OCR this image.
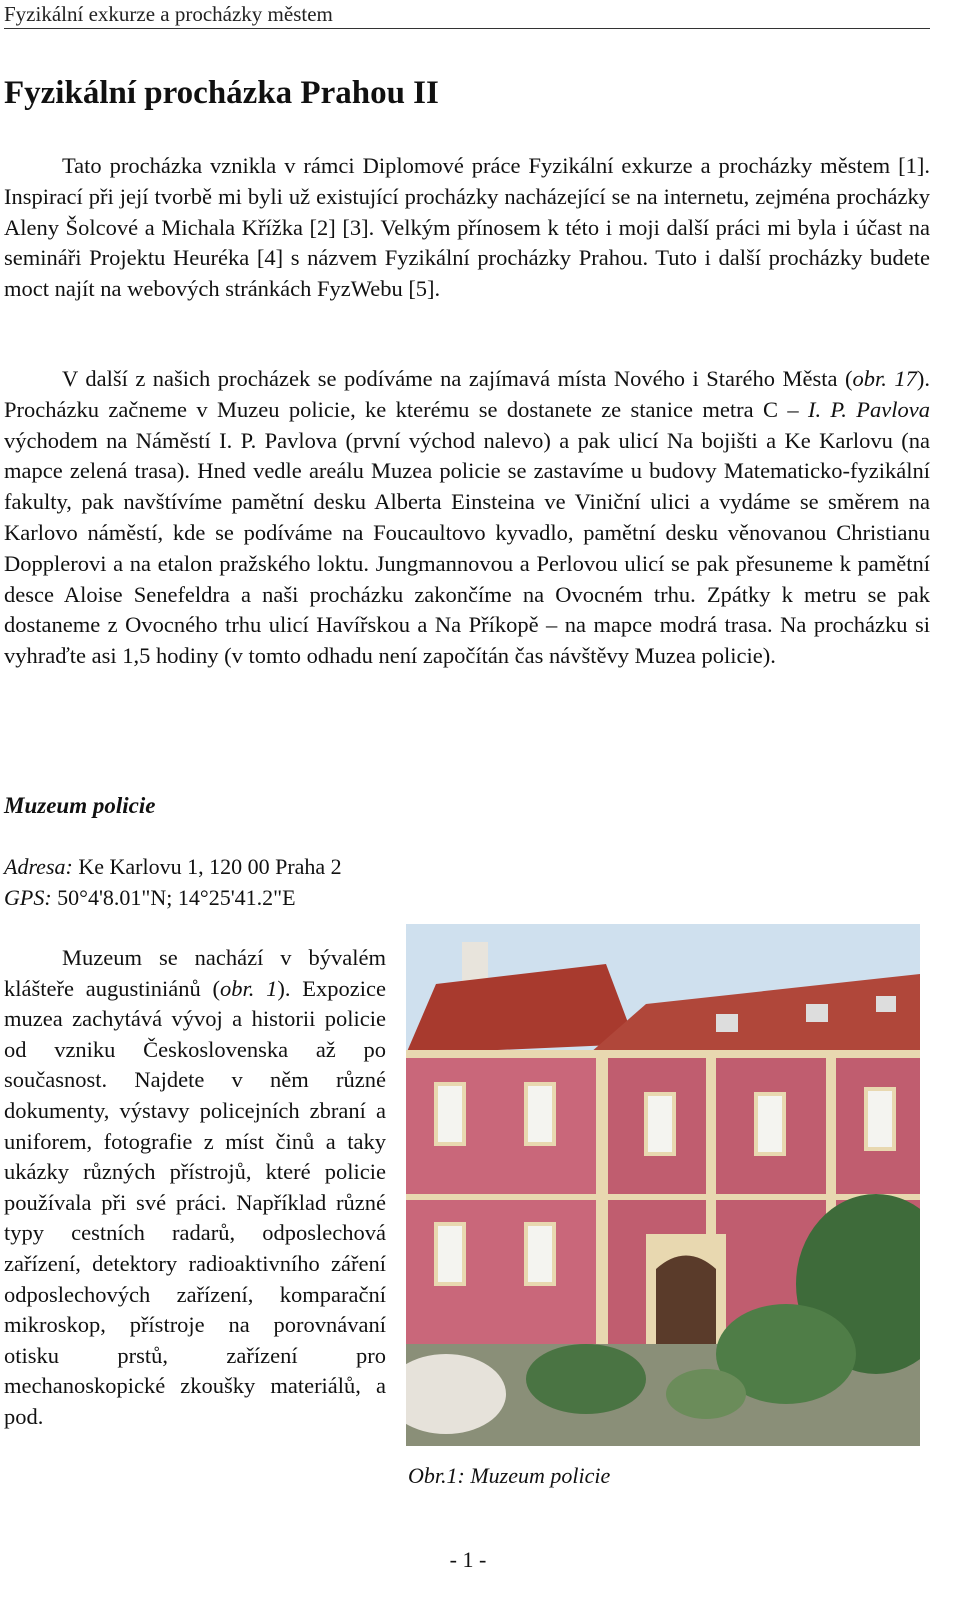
Fyzikální exkurze a procházky městem
Fyzikální procházka Prahou II

Tato procházka vznikla v rámci Diplomové práce Fyzikální exkurze a procházky městem [1]. Inspirací při její tvorbě mi byli už existující procházky nacházející se na internetu, zejména procházky Aleny Šolcové a Michala Křížka [2] [3]. Velkým přínosem k této i moji další práci mi byla i účast na semináři Projektu Heuréka [4] s názvem Fyzikální procházky Prahou. Tuto i další procházky budete moct najít na webových stránkách FyzWebu [5].

V další z našich procházek se podíváme na zajímavá místa Nového i Starého Města (obr. 17). Procházku začneme v Muzeu policie, ke kterému se dostanete ze stanice metra C – I. P. Pavlova východem na Náměstí I. P. Pavlova (první východ nalevo) a pak ulicí Na bojišti a Ke Karlovu (na mapce zelená trasa). Hned vedle areálu Muzea policie se zastavíme u budovy Matematicko-fyzikální fakulty, pak navštívíme pamětní desku Alberta Einsteina ve Viniční ulici a vydáme se směrem na Karlovo náměstí, kde se podíváme na Foucaultovo kyvadlo, pamětní desku věnovanou Christianu Dopplerovi a na etalon pražského loktu. Jungmannovou a Perlovou ulicí se pak přesuneme k pamětní desce Aloise Senefeldra a naši procházku zakončíme na Ovocném trhu. Zpátky k metru se pak dostaneme z Ovocného trhu ulicí Havířskou a Na Příkopě – na mapce modrá trasa. Na procházku si vyhraďte asi 1,5 hodiny (v tomto odhadu není započítán čas návštěvy Muzea policie).

Muzeum policie
Adresa: Ke Karlovu 1, 120 00 Praha 2
GPS: 50°4'8.01"N; 14°25'41.2"E

Muzeum se nachází v bývalém klášteře augustiniánů (obr. 1). Expozice muzea zachytává vývoj a historii policie od vzniku Československa až po současnost. Najdete v něm různé dokumenty, výstavy policejních zbraní a uniforem, fotografie z míst činů a taky ukázky různých přístrojů, které policie používala při své práci. Například různé typy cestních radarů, odposlechová zařízení, detektory radioaktivního záření odposlechových zařízení, komparační mikroskop, přístroje na porovnávaní otisku prstů, zařízení pro mechanoskopické zkoušky materiálů, a pod.

Obr.1: Muzeum policie
- 1 -
